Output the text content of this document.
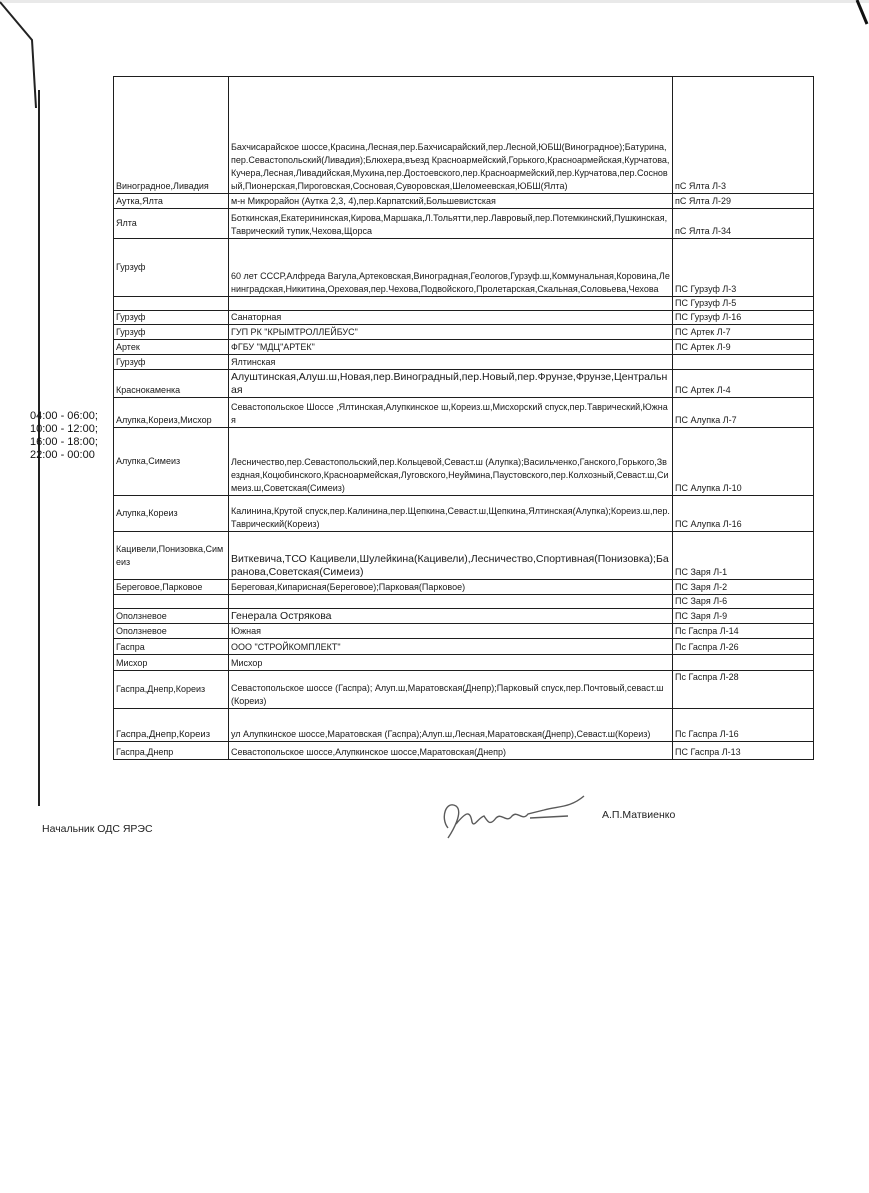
04:00 - 06:00;
10:00 - 12:00;
16:00 - 18:00;
22:00 - 00:00
Виноградное,Ливадия	Бахчисарайское шоссе,Красина,Лесная,пер.Бахчисарайский,пер.Лесной,ЮБШ(Виноградное);Батурина,пер.Севастопольский(Ливадия);Блюхера,въезд Красноармейский,Горького,Красноармейская,Курчатова,Кучера,Лесная,Ливадийская,Мухина,пер.Достоевского,пер.Красноармейский,пер.Курчатова,пер.Сосновый,Пионерская,Пироговская,Сосновая,Суворовская,Шеломеевская,ЮБШ(Ялта)	пС Ялта Л-3
Аутка,Ялта	м-н Микрорайон (Аутка 2,3, 4),пер.Карпатский,Большевистская	пС Ялта Л-29
Ялта	Боткинская,Екатерининская,Кирова,Маршака,Л.Тольятти,пер.Лавровый,пер.Потемкинский,Пушкинская,Таврический тупик,Чехова,Щорса	пС Ялта Л-34
Гурзуф	60 лет СССР,Алфреда Вагула,Артековская,Виноградная,Геологов,Гурзуф.ш,Коммунальная,Коровина,Ленинградская,Никитина,Ореховая,пер.Чехова,Подвойского,Пролетарская,Скальная,Соловьева,Чехова	ПС Гурзуф Л-3
		ПС Гурзуф Л-5
Гурзуф	Санаторная	ПС Гурзуф Л-16
Гурзуф	ГУП РК "КРЫМТРОЛЛЕЙБУС"	ПС Артек Л-7
Артек	ФГБУ "МДЦ"АРТЕК"	ПС Артек Л-9
Гурзуф	Ялтинская	
Краснокаменка	Алуштинская,Алуш.ш,Новая,пер.Виноградный,пер.Новый,пер.Фрунзе,Фрунзе,Центральная	ПС Артек Л-4
Алупка,Кореиз,Мисхор	Севастопольское Шоссе ,Ялтинская,Алупкинское ш,Кореиз.ш,Мисхорский спуск,пер.Таврический,Южная	ПС Алупка Л-7
Алупка,Симеиз	Лесничество,пер.Севастопольский,пер.Кольцевой,Севаст.ш (Алупка);Васильченко,Ганского,Горького,Звездная,Коцюбинского,Красноармейская,Луговского,Неуймина,Паустовского,пер.Колхозный,Севаст.ш,Симеиз.ш,Советская(Симеиз)	ПС Алупка Л-10
Алупка,Кореиз	Калинина,Крутой спуск,пер.Калинина,пер.Щепкина,Севаст.ш,Щепкина,Ялтинская(Алупка);Кореиз.ш,пер.Таврический(Кореиз)	ПС Алупка Л-16
Кацивели,Понизовка,Симеиз	Виткевича,ТСО Кацивели,Шулейкина(Кацивели),Лесничество,Спортивная(Понизовка);Барановa,Советская(Симеиз)	ПС Заря Л-1
Береговое,Парковое	Береговая,Кипарисная(Береговое);Парковая(Парковое)	ПС Заря Л-2
		ПС Заря Л-6
Оползневое	Генерала Острякова	ПС Заря Л-9
Оползневое	Южная	Пс Гаспра Л-14
Гаспра	ООО "СТРОЙКОМПЛЕКТ"	Пс Гаспра Л-26
Мисхор	Мисхор	
Гаспра,Днепр,Кореиз	Севастопольское шоссе (Гаспра); Алуп.ш,Маратовская(Днепр);Парковый спуск,пер.Почтовый,севаст.ш(Кореиз)	Пс Гаспра Л-28
Гаспра,Днепр,Кореиз	ул Алупкинское шоссе,Маратовская (Гаспра);Алуп.ш,Лесная,Маратовская(Днепр),Севаст.ш(Кореиз)	Пс Гаспра Л-16
Гаспра,Днепр	Севастопольское шоссе,Алупкинское шоссе,Маратовская(Днепр)	ПС Гаспра Л-13
Начальник ОДС ЯРЭС
А.П.Матвиенко
